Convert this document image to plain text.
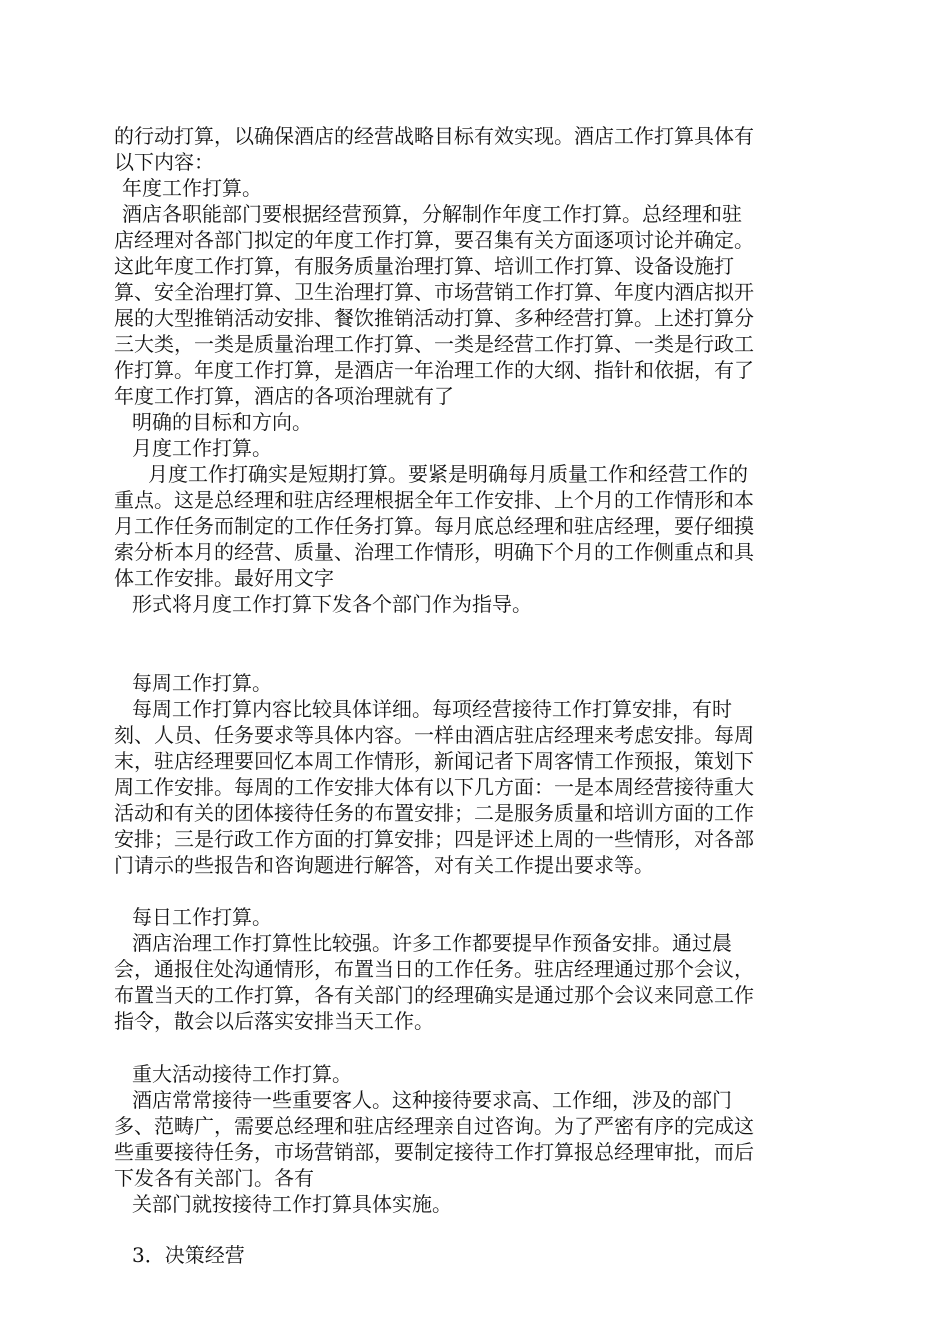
的行动打算，以确保酒店的经营战略目标有效实现。酒店工作打算具体有
以下内容：
年度工作打算。
酒店各职能部门要根据经营预算，分解制作年度工作打算。总经理和驻
店经理对各部门拟定的年度工作打算，要召集有关方面逐项讨论并确定。
这此年度工作打算，有服务质量治理打算、培训工作打算、设备设施打
算、安全治理打算、卫生治理打算、市场营销工作打算、年度内酒店拟开
展的大型推销活动安排、餐饮推销活动打算、多种经营打算。上述打算分
三大类，一类是质量治理工作打算、一类是经营工作打算、一类是行政工
作打算。年度工作打算，是酒店一年治理工作的大纲、指针和依据，有了
年度工作打算，酒店的各项治理就有了
明确的目标和方向。
月度工作打算。
月度工作打确实是短期打算。要紧是明确每月质量工作和经营工作的
重点。这是总经理和驻店经理根据全年工作安排、上个月的工作情形和本
月工作任务而制定的工作任务打算。每月底总经理和驻店经理，要仔细摸
索分析本月的经营、质量、治理工作情形，明确下个月的工作侧重点和具
体工作安排。最好用文字
形式将月度工作打算下发各个部门作为指导。
每周工作打算。
每周工作打算内容比较具体详细。每项经营接待工作打算安排，有时
刻、人员、任务要求等具体内容。一样由酒店驻店经理来考虑安排。每周
末，驻店经理要回忆本周工作情形，新闻记者下周客情工作预报，策划下
周工作安排。每周的工作安排大体有以下几方面：一是本周经营接待重大
活动和有关的团体接待任务的布置安排；二是服务质量和培训方面的工作
安排；三是行政工作方面的打算安排；四是评述上周的一些情形，对各部
门请示的些报告和咨询题进行解答，对有关工作提出要求等。
每日工作打算。
酒店治理工作打算性比较强。许多工作都要提早作预备安排。通过晨
会，通报住处沟通情形，布置当日的工作任务。驻店经理通过那个会议，
布置当天的工作打算，各有关部门的经理确实是通过那个会议来同意工作
指令，散会以后落实安排当天工作。
重大活动接待工作打算。
酒店常常接待一些重要客人。这种接待要求高、工作细，涉及的部门
多、范畴广，需要总经理和驻店经理亲自过咨询。为了严密有序的完成这
些重要接待任务，市场营销部，要制定接待工作打算报总经理审批，而后
下发各有关部门。各有
关部门就按接待工作打算具体实施。
3．决策经营
